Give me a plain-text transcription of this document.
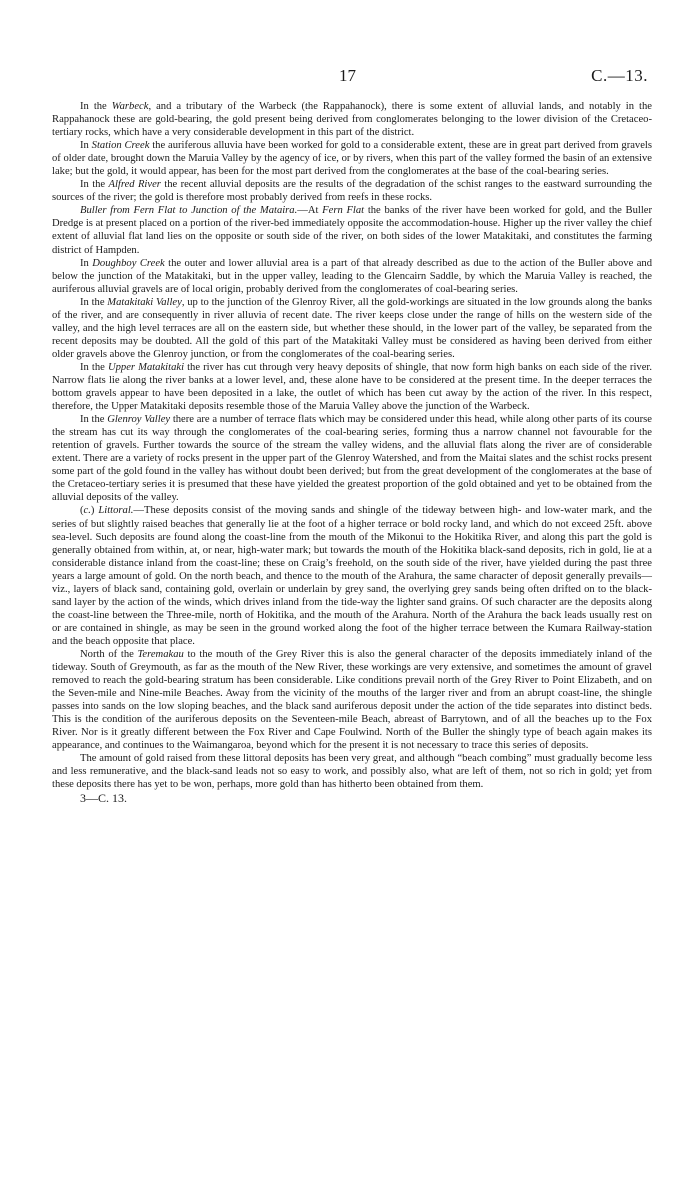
17	C.—13.

In the Warbeck, and a tributary of the Warbeck (the Rappahanock), there is some extent of alluvial lands, and notably in the Rappahanock these are gold-bearing, the gold present being derived from conglomerates belonging to the lower division of the Cretaceo-tertiary rocks, which have a very considerable development in this part of the district.

In Station Creek the auriferous alluvia have been worked for gold to a considerable extent, these are in great part derived from gravels of older date, brought down the Maruia Valley by the agency of ice, or by rivers, when this part of the valley formed the basin of an extensive lake; but the gold, it would appear, has been for the most part derived from the conglomerates at the base of the coal-bearing series.

In the Alfred River the recent alluvial deposits are the results of the degradation of the schist ranges to the eastward surrounding the sources of the river; the gold is therefore most probably derived from reefs in these rocks.

Buller from Fern Flat to Junction of the Mataira.—At Fern Flat the banks of the river have been worked for gold, and the Buller Dredge is at present placed on a portion of the river-bed immediately opposite the accommodation-house. Higher up the river valley the chief extent of alluvial flat land lies on the opposite or south side of the river, on both sides of the lower Matakitaki, and constitutes the farming district of Hampden.

In Doughboy Creek the outer and lower alluvial area is a part of that already described as due to the action of the Buller above and below the junction of the Matakitaki, but in the upper valley, leading to the Glencairn Saddle, by which the Maruia Valley is reached, the auriferous alluvial gravels are of local origin, probably derived from the conglomerates of coal-bearing series.

In the Matakitaki Valley, up to the junction of the Glenroy River, all the gold-workings are situated in the low grounds along the banks of the river, and are consequently in river alluvia of recent date. The river keeps close under the range of hills on the western side of the valley, and the high level terraces are all on the eastern side, but whether these should, in the lower part of the valley, be separated from the recent deposits may be doubted. All the gold of this part of the Matakitaki Valley must be considered as having been derived from either older gravels above the Glenroy junction, or from the conglomerates of the coal-bearing series.

In the Upper Matakitaki the river has cut through very heavy deposits of shingle, that now form high banks on each side of the river. Narrow flats lie along the river banks at a lower level, and, these alone have to be considered at the present time. In the deeper terraces the bottom gravels appear to have been deposited in a lake, the outlet of which has been cut away by the action of the river. In this respect, therefore, the Upper Matakitaki deposits resemble those of the Maruia Valley above the junction of the Warbeck.

In the Glenroy Valley there are a number of terrace flats which may be considered under this head, while along other parts of its course the stream has cut its way through the conglomerates of the coal-bearing series, forming thus a narrow channel not favourable for the retention of gravels. Further towards the source of the stream the valley widens, and the alluvial flats along the river are of considerable extent. There are a variety of rocks present in the upper part of the Glenroy Watershed, and from the Maitai slates and the schist rocks present some part of the gold found in the valley has without doubt been derived; but from the great development of the conglomerates at the base of the Cretaceo-tertiary series it is presumed that these have yielded the greatest proportion of the gold obtained and yet to be obtained from the alluvial deposits of the valley.

(c.) Littoral.—These deposits consist of the moving sands and shingle of the tideway between high- and low-water mark, and the series of but slightly raised beaches that generally lie at the foot of a higher terrace or bold rocky land, and which do not exceed 25ft. above sea-level. Such deposits are found along the coast-line from the mouth of the Mikonui to the Hokitika River, and along this part the gold is generally obtained from within, at, or near, high-water mark; but towards the mouth of the Hokitika black-sand deposits, rich in gold, lie at a considerable distance inland from the coast-line; these on Craig’s freehold, on the south side of the river, have yielded during the past three years a large amount of gold. On the north beach, and thence to the mouth of the Arahura, the same character of deposit generally prevails—viz., layers of black sand, containing gold, overlain or underlain by grey sand, the overlying grey sands being often drifted on to the black-sand layer by the action of the winds, which drives inland from the tide-way the lighter sand grains. Of such character are the deposits along the coast-line between the Three-mile, north of Hokitika, and the mouth of the Arahura. North of the Arahura the back leads usually rest on or are contained in shingle, as may be seen in the ground worked along the foot of the higher terrace between the Kumara Railway-station and the beach opposite that place.

North of the Teremakau to the mouth of the Grey River this is also the general character of the deposits immediately inland of the tideway. South of Greymouth, as far as the mouth of the New River, these workings are very extensive, and sometimes the amount of gravel removed to reach the gold-bearing stratum has been considerable. Like conditions prevail north of the Grey River to Point Elizabeth, and on the Seven-mile and Nine-mile Beaches. Away from the vicinity of the mouths of the larger river and from an abrupt coast-line, the shingle passes into sands on the low sloping beaches, and the black sand auriferous deposit under the action of the tide separates into distinct beds. This is the condition of the auriferous deposits on the Seventeen-mile Beach, abreast of Barrytown, and of all the beaches up to the Fox River. Nor is it greatly different between the Fox River and Cape Foulwind. North of the Buller the shingly type of beach again makes its appearance, and continues to the Waimangaroa, beyond which for the present it is not necessary to trace this series of deposits.

The amount of gold raised from these littoral deposits has been very great, and although “beach combing” must gradually become less and less remunerative, and the black-sand leads not so easy to work, and possibly also, what are left of them, not so rich in gold; yet from these deposits there has yet to be won, perhaps, more gold than has hitherto been obtained from them.

3—C. 13.
